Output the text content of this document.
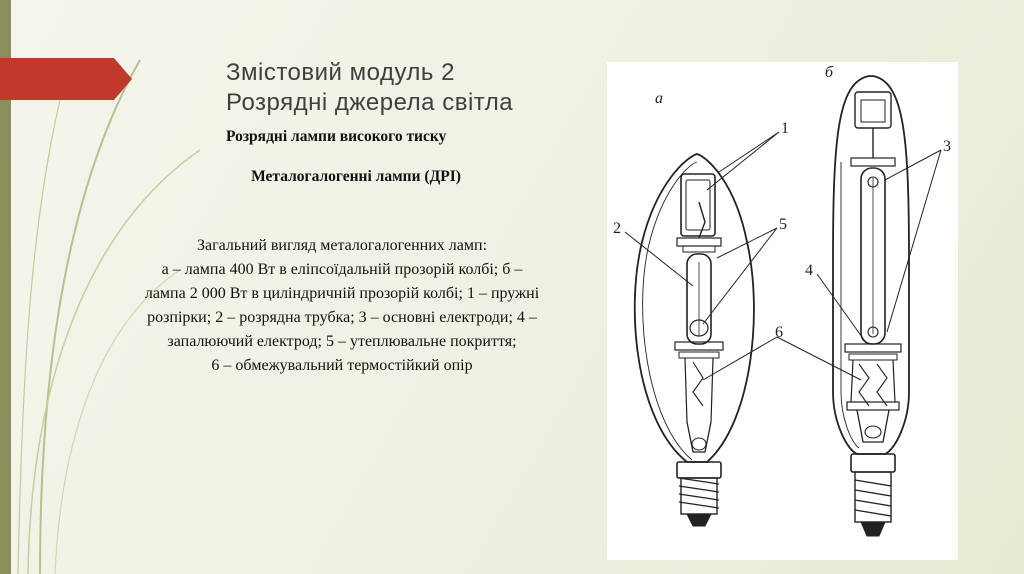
Змістовий модуль 2
Розрядні джерела світла
Розрядні лампи високого тиску
Металогалогенні лампи (ДРІ)
Загальний вигляд металогалогенних ламп:
а – лампа 400 Вт в еліпсоїдальній прозорій колбі; б –
лампа 2 000 Вт в циліндричній прозорій колбі; 1 – пружні
розпірки; 2 – розрядна трубка; 3 – основні електроди; 4 –
запалюючий електрод; 5 – утеплювальне покриття;
6 – обмежувальний термостійкий опір
а
б
1
2
3
4
5
6
